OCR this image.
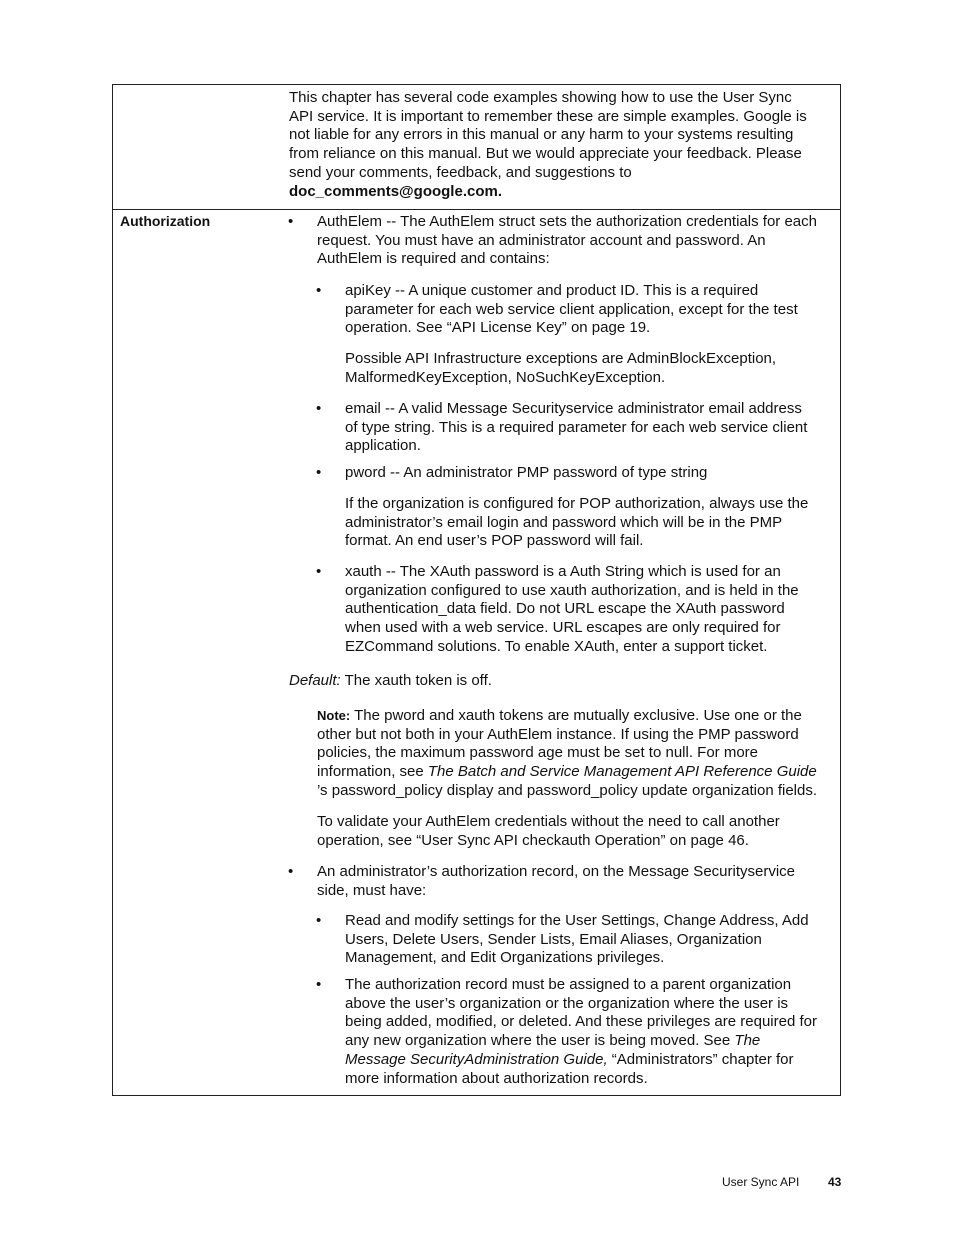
This chapter has several code examples showing how to use the User Sync

API service. It is important to remember these are simple examples. Google is

not liable for any errors in this manual or any harm to your systems resulting

from reliance on this manual. But we would appreciate your feedback. Please

send your comments, feedback, and suggestions to

doc_comments@google.com.

Authorization	• AuthElem -- The AuthElem struct sets the authorization credentials for each

request. You must have an administrator account and password. An

AuthElem is required and contains:

• apiKey -- A unique customer and product ID. This is a required

parameter for each web service client application, except for the test

operation. See “API License Key” on page 19.

Possible API Infrastructure exceptions are AdminBlockException,

MalformedKeyException, NoSuchKeyException.

• email -- A valid Message Securityservice administrator email address

of type string. This is a required parameter for each web service client

application.

• pword -- An administrator PMP password of type string

If the organization is configured for POP authorization, always use the

administrator’s email login and password which will be in the PMP

format. An end user’s POP password will fail.

• xauth -- The XAuth password is a Auth String which is used for an

organization configured to use xauth authorization, and is held in the

authentication_data field. Do not URL escape the XAuth password

when used with a web service. URL escapes are only required for

EZCommand solutions. To enable XAuth, enter a support ticket.

Default: The xauth token is off.

Note: The pword and xauth tokens are mutually exclusive. Use one or the

other but not both in your AuthElem instance. If using the PMP password

policies, the maximum password age must be set to null. For more

information, see The Batch and Service Management API Reference Guide

’s password_policy display and password_policy update organization fields.

To validate your AuthElem credentials without the need to call another

operation, see “User Sync API checkauth Operation” on page 46.

• An administrator’s authorization record, on the Message Securityservice

side, must have:

• Read and modify settings for the User Settings, Change Address, Add

Users, Delete Users, Sender Lists, Email Aliases, Organization

Management, and Edit Organizations privileges.

• The authorization record must be assigned to a parent organization

above the user’s organization or the organization where the user is

being added, modified, or deleted. And these privileges are required for

any new organization where the user is being moved. See The

Message SecurityAdministration Guide, “Administrators” chapter for

more information about authorization records.

User Sync API 43
